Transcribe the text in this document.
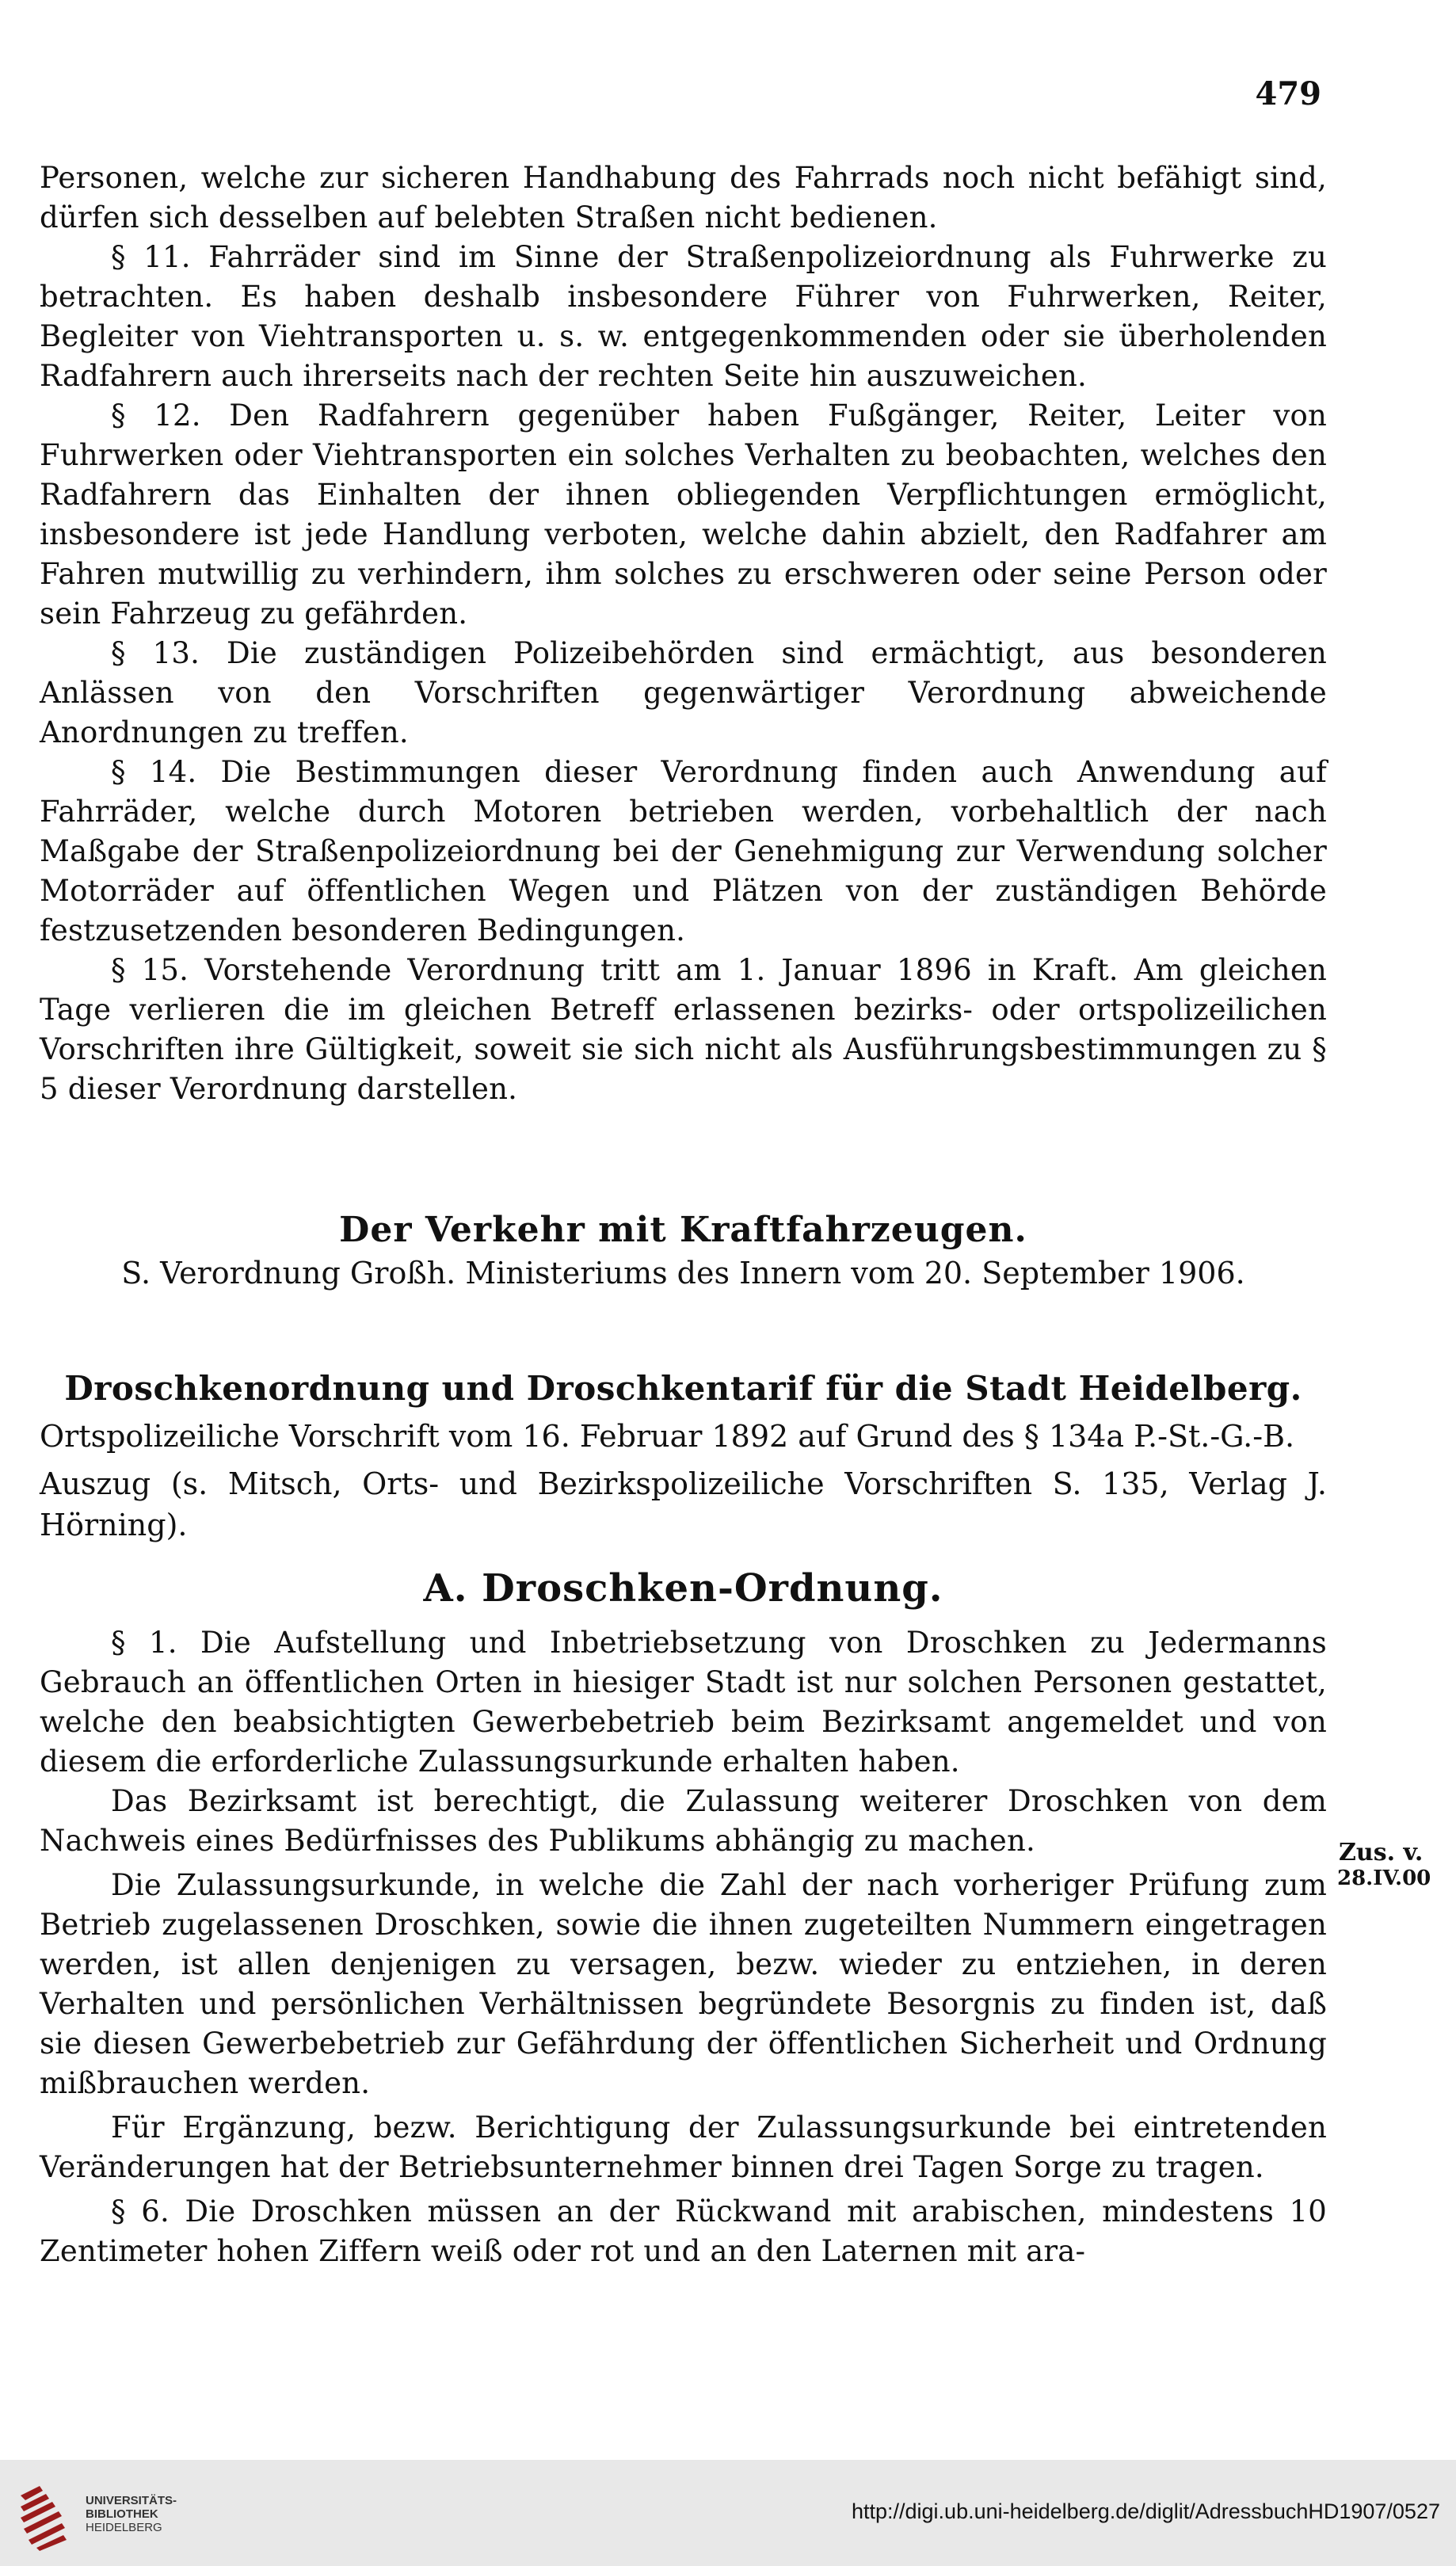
479

Personen, welche zur sicheren Handhabung des Fahrrads noch nicht befähigt sind, dürfen sich desselben auf belebten Straßen nicht bedienen.

§ 11. Fahrräder sind im Sinne der Straßenpolizeiordnung als Fuhrwerke zu betrachten. Es haben deshalb insbesondere Führer von Fuhrwerken, Reiter, Begleiter von Viehtransporten u. s. w. entgegenkommenden oder sie überholenden Radfahrern auch ihrerseits nach der rechten Seite hin auszuweichen.

§ 12. Den Radfahrern gegenüber haben Fußgänger, Reiter, Leiter von Fuhrwerken oder Viehtransporten ein solches Verhalten zu beobachten, welches den Radfahrern das Einhalten der ihnen obliegenden Verpflichtungen ermöglicht, insbesondere ist jede Handlung verboten, welche dahin abzielt, den Radfahrer am Fahren mutwillig zu verhindern, ihm solches zu erschweren oder seine Person oder sein Fahrzeug zu gefährden.

§ 13. Die zuständigen Polizeibehörden sind ermächtigt, aus besonderen Anlässen von den Vorschriften gegenwärtiger Verordnung abweichende Anordnungen zu treffen.

§ 14. Die Bestimmungen dieser Verordnung finden auch Anwendung auf Fahrräder, welche durch Motoren betrieben werden, vorbehaltlich der nach Maßgabe der Straßenpolizeiordnung bei der Genehmigung zur Verwendung solcher Motorräder auf öffentlichen Wegen und Plätzen von der zuständigen Behörde festzusetzenden besonderen Bedingungen.

§ 15. Vorstehende Verordnung tritt am 1. Januar 1896 in Kraft. Am gleichen Tage verlieren die im gleichen Betreff erlassenen bezirks- oder ortspolizeilichen Vorschriften ihre Gültigkeit, soweit sie sich nicht als Ausführungsbestimmungen zu § 5 dieser Verordnung darstellen.

Der Verkehr mit Kraftfahrzeugen.

S. Verordnung Großh. Ministeriums des Innern vom 20. September 1906.

Droschkenordnung und Droschkentarif für die Stadt Heidelberg.

Ortspolizeiliche Vorschrift vom 16. Februar 1892 auf Grund des § 134a P.-St.-G.-B.

Auszug (s. Mitsch, Orts- und Bezirkspolizeiliche Vorschriften S. 135, Verlag J. Hörning).

A. Droschken-Ordnung.

§ 1. Die Aufstellung und Inbetriebsetzung von Droschken zu Jedermanns Gebrauch an öffentlichen Orten in hiesiger Stadt ist nur solchen Personen gestattet, welche den beabsichtigten Gewerbebetrieb beim Bezirksamt angemeldet und von diesem die erforderliche Zulassungsurkunde erhalten haben.

Das Bezirksamt ist berechtigt, die Zulassung weiterer Droschken von dem Nachweis eines Bedürfnisses des Publikums abhängig zu machen.

Die Zulassungsurkunde, in welche die Zahl der nach vorheriger Prüfung zum Betrieb zugelassenen Droschken, sowie die ihnen zugeteilten Nummern eingetragen werden, ist allen denjenigen zu versagen, bezw. wieder zu entziehen, in deren Verhalten und persönlichen Verhältnissen begründete Besorgnis zu finden ist, daß sie diesen Gewerbebetrieb zur Gefährdung der öffentlichen Sicherheit und Ordnung mißbrauchen werden.

Für Ergänzung, bezw. Berichtigung der Zulassungsurkunde bei eintretenden Veränderungen hat der Betriebsunternehmer binnen drei Tagen Sorge zu tragen.

§ 6. Die Droschken müssen an der Rückwand mit arabischen, mindestens 10 Zentimeter hohen Ziffern weiß oder rot und an den Laternen mit ara-

Zus. v.
28.IV.00
UNIVERSITÄTS-
BIBLIOTHEK
HEIDELBERG
http://digi.ub.uni-heidelberg.de/diglit/AdressbuchHD1907/0527
